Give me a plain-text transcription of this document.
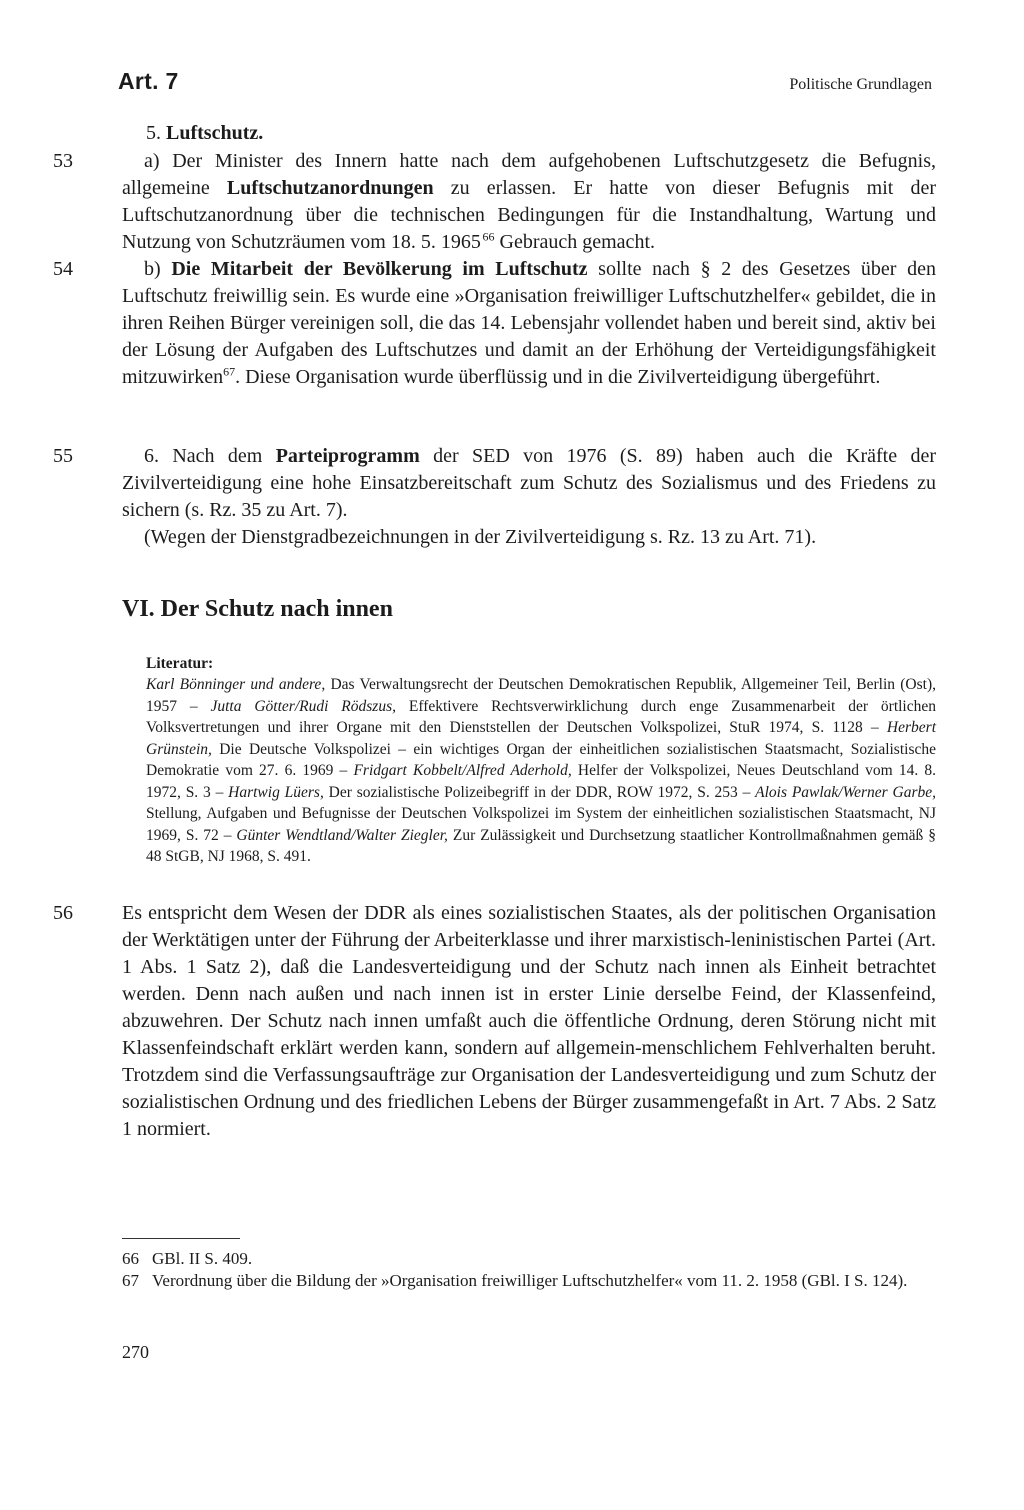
Art. 7	Politische Grundlagen
5. Luftschutz.
53	a) Der Minister des Innern hatte nach dem aufgehobenen Luftschutzgesetz die Befugnis, allgemeine Luftschutzanordnungen zu erlassen. Er hatte von dieser Befugnis mit der Luftschutzanordnung über die technischen Bedingungen für die Instandhaltung, Wartung und Nutzung von Schutzräumen vom 18. 5. 1965  $^{66}$ Gebrauch gemacht.

54	b) Die Mitarbeit der Bevölkerung im Luftschutz sollte nach § 2 des Gesetzes über den Luftschutz freiwillig sein. Es wurde eine »Organisation freiwilliger Luftschutzhelfer« gebildet, die in ihren Reihen Bürger vereinigen soll, die das 14. Lebensjahr vollendet haben und bereit sind, aktiv bei der Lösung der Aufgaben des Luftschutzes und damit an der Erhöhung der Verteidigungsfähigkeit mitzuwirken$^{67}$. Diese Organisation wurde überflüssig und in die Zivilverteidigung übergeführt.

55	6. Nach dem Parteiprogramm der SED von 1976 (S. 89) haben auch die Kräfte der Zivilverteidigung eine hohe Einsatzbereitschaft zum Schutz des Sozialismus und des Friedens zu sichern (s. Rz. 35 zu Art. 7).

(Wegen der Dienstgradbezeichnungen in der Zivilverteidigung s. Rz. 13 zu Art. 71).

VI. Der Schutz nach innen
Literatur:
Karl Bönninger und andere, Das Verwaltungsrecht der Deutschen Demokratischen Republik, Allgemeiner Teil, Berlin (Ost), 1957 – Jutta Götter/Rudi Rödszus, Effektivere Rechtsverwirklichung durch enge Zusammenarbeit der örtlichen Volksvertretungen und ihrer Organe mit den Dienststellen der Deutschen Volkspolizei, StuR 1974, S. 1128 – Herbert Grünstein, Die Deutsche Volkspolizei – ein wichtiges Organ der einheitlichen sozialistischen Staatsmacht, Sozialistische Demokratie vom 27. 6. 1969 – Fridgart Kobbelt/Alfred Aderhold, Helfer der Volkspolizei, Neues Deutschland vom 14. 8. 1972, S. 3 – Hartwig Lüers, Der sozialistische Polizeibegriff in der DDR, ROW 1972, S. 253 – Alois Pawlak/Werner Garbe, Stellung, Aufgaben und Befugnisse der Deutschen Volkspolizei im System der einheitlichen sozialistischen Staatsmacht, NJ 1969, S. 72 – Günter Wendtland/Walter Ziegler, Zur Zulässigkeit und Durchsetzung staatlicher Kontrollmaßnahmen gemäß § 48 StGB, NJ 1968, S. 491.
56	Es entspricht dem Wesen der DDR als eines sozialistischen Staates, als der politischen Organisation der Werktätigen unter der Führung der Arbeiterklasse und ihrer marxistisch-leninistischen Partei (Art. 1 Abs. 1 Satz 2), daß die Landesverteidigung und der Schutz nach innen als Einheit betrachtet werden. Denn nach außen und nach innen ist in erster Linie derselbe Feind, der Klassenfeind, abzuwehren. Der Schutz nach innen umfaßt auch die öffentliche Ordnung, deren Störung nicht mit Klassenfeindschaft erklärt werden kann, sondern auf allgemein-menschlichem Fehlverhalten beruht. Trotzdem sind die Verfassungsaufträge zur Organisation der Landesverteidigung und zum Schutz der sozialistischen Ordnung und des friedlichen Lebens der Bürger zusammengefaßt in Art. 7 Abs. 2 Satz 1 normiert.

66 GBl. II S. 409.
67 Verordnung über die Bildung der »Organisation freiwilliger Luftschutzhelfer« vom 11. 2. 1958 (GBl. I S. 124).
270
